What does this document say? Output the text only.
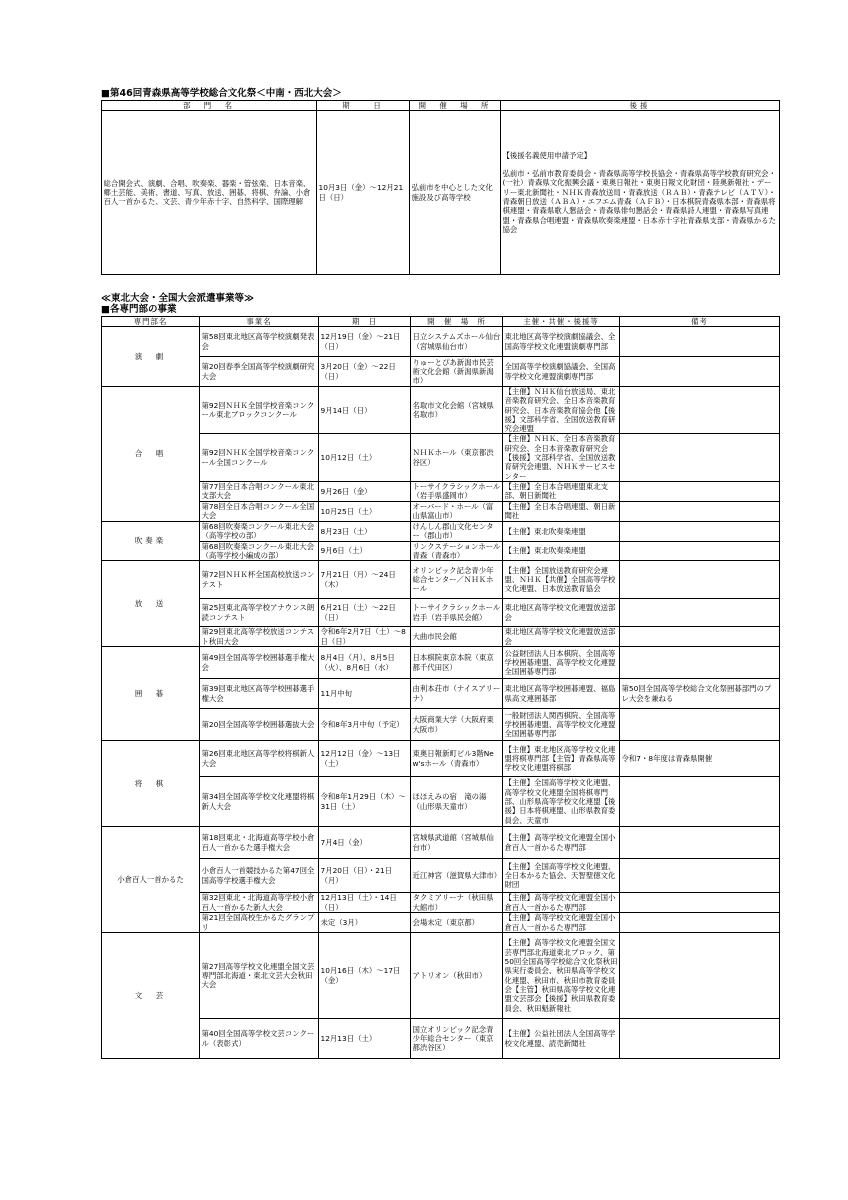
■第46回青森県高等学校総合文化祭＜中南・西北大会＞

部　門　名	期　　日	開　催　場　所	後援
総合開会式、演劇、合唱、吹奏楽、器楽・管弦楽、日本音楽、郷土芸能、美術、書道、写真、放送、囲碁、将棋、弁論、小倉百人一首かるた、文芸、青少年赤十字、自然科学、国際理解	10月3日（金）～12月21日（日）	弘前市を中心とした文化施設及び高等学校	【後援名義使用申請予定】
弘前市・弘前市教育委員会・青森県高等学校長協会・青森県高等学校教育研究会・(一社）青森県文化振興会議・東奥日報社・東奥日報文化財団・陸奥新報社・デーリー東北新聞社・ＮＨＫ青森放送局・青森放送（ＲＡＢ）・青森テレビ（ＡＴＶ）・青森朝日放送（ＡＢＡ）・エフエム青森（ＡＦＢ）・日本棋院青森県本部・青森県将棋連盟・青森県歌人懇話会・青森県俳句懇話会・青森県詩人連盟・青森県写真連盟・青森県合唱連盟・青森県吹奏楽連盟・日本赤十字社青森県支部・青森県かるた協会

≪東北大会・全国大会派遣事業等≫

■各専門部の事業

専門部名	事業名	期　日	開　催　場　所	主催・共催・後援等	備考
演　劇	第58回東北地区高等学校演劇発表会	12月19日（金）～21日（日）	日立システムズホール仙台（宮城県仙台市）	東北地区高等学校演劇協議会、全国高等学校文化連盟演劇専門部	
	第20回春季全国高等学校演劇研究大会	3月20日（金）～22日（日）	りゅーとぴあ新潟市民芸術文化会館（新潟県新潟市）	全国高等学校演劇協議会、全国高等学校文化連盟演劇専門部	
合　唱	第92回ＮＨＫ全国学校音楽コンクール東北ブロックコンクール	9月14日（日）	名取市文化会館（宮城県名取市）	【主催】ＮＨＫ仙台放送局、東北音楽教育研究会、全日本音楽教育研究会、日本音楽教育協会他【後援】文部科学省、全国放送教育研究会連盟	
	第92回ＮＨＫ全国学校音楽コンクール全国コンクール	10月12日（土）	ＮＨＫホール（東京都渋谷区）	【主催】ＮＨＫ、全日本音楽教育研究会、全日本音楽教育研究会【後援】文部科学省、全国放送教育研究会連盟、ＮＨＫサービスセンター	
	第77回全日本合唱コンクール東北支部大会	9月26日（金）	トーサイクラシックホール（岩手県盛岡市）	【主催】全日本合唱連盟東北支部、朝日新聞社	
	第78回全日本合唱コンクール全国大会	10月25日（土）	オーバード・ホール（富山県富山市）	【主催】全日本合唱連盟、朝日新聞社	
吹奏楽	第68回吹奏楽コンクール東北大会（高等学校の部）	8月23日（土）	けんしん郡山文化センター（郡山市）	【主催】東北吹奏楽連盟	
	第68回吹奏楽コンクール東北大会（高等学校小編成の部）	9月6日（土）	リンクステーションホール青森（青森市）	【主催】東北吹奏楽連盟	
放　送	第72回ＮＨＫ杯全国高校放送コンテスト	7月21日（月）～24日（木）	オリンピック記念青少年総合センター／ＮＨＫホール	【主催】全国放送教育研究会連盟、ＮＨＫ【共催】全国高等学校文化連盟、日本放送教育協会	
	第25回東北高等学校アナウンス朗読コンテスト	6月21日（土）～22日（日）	トーサイクラシックホール岩手（岩手県民会館）	東北地区高等学校文化連盟放送部会	
	第29回東北高等学校放送コンテスト秋田大会	令和6年2月7日（土）～8日（日）	大曲市民会館	東北地区高等学校文化連盟放送部会	
囲　碁	第49回全国高等学校囲碁選手権大会	8月4日（月）、8月5日（火）、8月6日（水）	日本棋院東京本院（東京都千代田区）	公益財団法人日本棋院、全国高等学校囲碁連盟、高等学校文化連盟全国囲碁専門部	
	第39回東北地区高等学校囲碁選手権大会	11月中旬	由利本荘市（ナイスアリーナ）	東北地区高等学校囲碁連盟、福島県高文連囲碁部	第50回全国高等学校総合文化祭囲碁部門のプレ大会を兼ねる
	第20回全国高等学校囲碁選抜大会	令和8年3月中旬（予定）	大阪商業大学（大阪府東大阪市）	一般財団法人関西棋院、全国高等学校囲碁連盟、高等学校文化連盟全国囲碁専門部	
将　棋	第26回東北地区高等学校将棋新人大会	12月12日（金）～13日（土）	東奥日報新町ビル3階New'sホール（青森市）	【主催】東北地区高等学校文化連盟将棋専門部【主管】青森県高等学校文化連盟将棋部	令和7・8年度は青森県開催
	第34回全国高等学校文化連盟将棋新人大会	令和8年1月29日（木）～31日（土）	ほほえみの宿　滝の湯（山形県天童市）	【主催】全国高等学校文化連盟、高等学校文化連盟全国将棋専門部、山形県高等学校文化連盟【後援】日本将棋連盟、山形県教育委員会、天童市	
小倉百人一首かるた	第18回東北・北海道高等学校小倉百人一首かるた選手権大会	7月4日（金）	宮城県武道館（宮城県仙台市）	【主催】高等学校文化連盟全国小倉百人一首かるた専門部	
	小倉百人一首競技かるた第47回全国高等学校選手権大会	7月20日（日）・21日（月）	近江神宮（滋賀県大津市）	【主催】全国高等学校文化連盟、全日本かるた協会、天智聖徳文化財団	
	第32回東北・北海道高等学校小倉百人一首かるた新人大会	12月13日（土）・14日（日）	タクミアリーナ（秋田県大館市）	【主催】高等学校文化連盟全国小倉百人一首かるた専門部	
	第21回全国高校生かるたグランプリ	未定（3月）	会場未定（東京都）	【主催】高等学校文化連盟全国小倉百人一首かるた専門部	
文　芸	第27回高等学校文化連盟全国文芸専門部北海道・東北文芸大会秋田大会	10月16日（木）～17日（金）	アトリオン（秋田市）	【主催】高等学校文化連盟全国文芸専門部北海道東北ブロック、第50回全国高等学校総合文化祭秋田県実行委員会、秋田県高等学校文化連盟、秋田市、秋田市教育委員会【主管】秋田県高等学校文化連盟文芸部会【後援】秋田県教育委員会、秋田魁新報社	
	第40回全国高等学校文芸コンクール（表彰式）	12月13日（土）	国立オリンピック記念青少年総合センター（東京都渋谷区）	【主催】公益社団法人全国高等学校文化連盟、読売新聞社	
